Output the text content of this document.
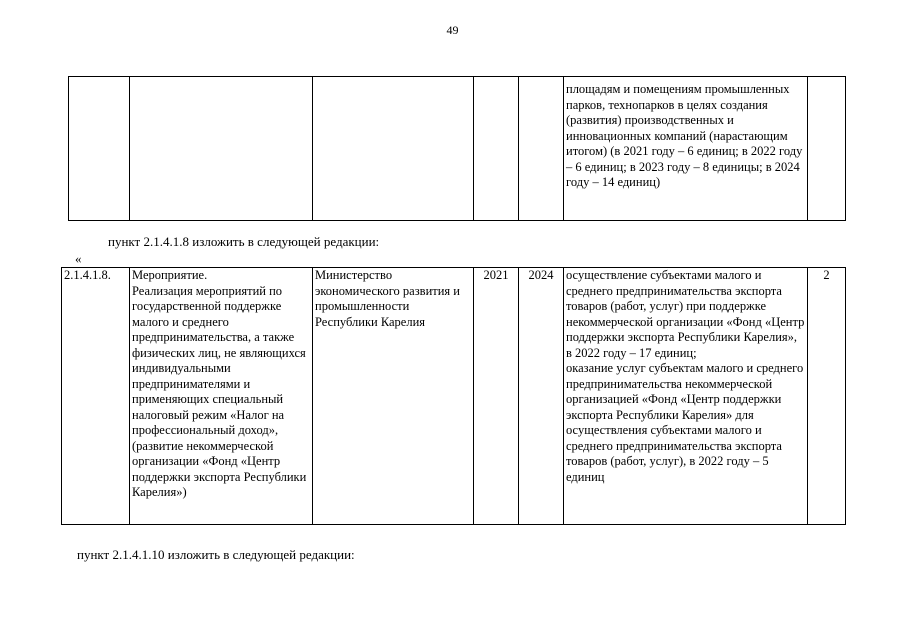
49
					площадям и помещениям промышленных парков, технопарков в целях создания (развития) производственных и инновационных компаний (нарастающим итогом) (в 2021 году – 6 единиц; в 2022 году – 6 единиц; в 2023 году – 8 единицы; в 2024 году – 14 единиц)	
пункт 2.1.4.1.8 изложить в следующей редакции:
«
2.1.4.1.8.	Мероприятие.
Реализация мероприятий по государственной поддержке малого и среднего предпринимательства, а также физических лиц, не являющихся индивидуальными предпринимателями и применяющих специальный налоговый режим «Налог на профессиональный доход», (развитие некоммерческой организации «Фонд «Центр поддержки экспорта Республики Карелия»)	Министерство экономического развития и промышленности Республики Карелия	2021	2024	осуществление субъектами малого и среднего предпринимательства экспорта товаров (работ, услуг) при поддержке некоммерческой организации «Фонд «Центр поддержки экспорта Республики Карелия», в 2022 году – 17 единиц;
оказание услуг субъектам малого и среднего предпринимательства некоммерческой организацией «Фонд «Центр поддержки экспорта Республики Карелия» для осуществления субъектами малого и среднего предпринимательства экспорта товаров (работ, услуг), в 2022 году – 5 единиц	2
пункт 2.1.4.1.10 изложить в следующей редакции:
